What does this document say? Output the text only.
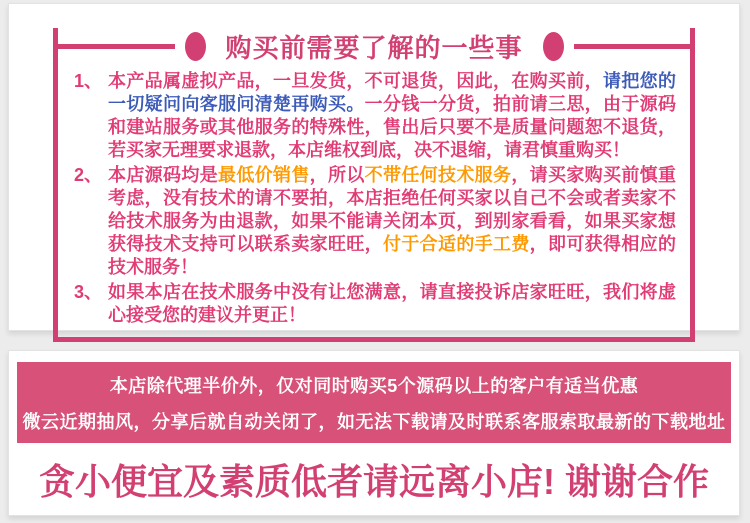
购买前需要了解的一些事
1、 本产品属虚拟产品，一旦发货，不可退货，因此，在购买前，请把您的一切疑问向客服问清楚再购买。一分钱一分货，拍前请三思，由于源码和建站服务或其他服务的特殊性，售出后只要不是质量问题恕不退货，若买家无理要求退款，本店维权到底，决不退缩，请君慎重购买！
2、 本店源码均是最低价销售，所以不带任何技术服务，请买家购买前慎重考虑，没有技术的请不要拍，本店拒绝任何买家以自己不会或者卖家不给技术服务为由退款，如果不能请关闭本页，到别家看看，如果买家想获得技术支持可以联系卖家旺旺，付于合适的手工费，即可获得相应的技术服务！
3、 如果本店在技术服务中没有让您满意，请直接投诉店家旺旺，我们将虚心接受您的建议并更正！
本店除代理半价外，仅对同时购买5个源码以上的客户有适当优惠
微云近期抽风，分享后就自动关闭了，如无法下载请及时联系客服索取最新的下载地址
贪小便宜及素质低者请远离小店! 谢谢合作
